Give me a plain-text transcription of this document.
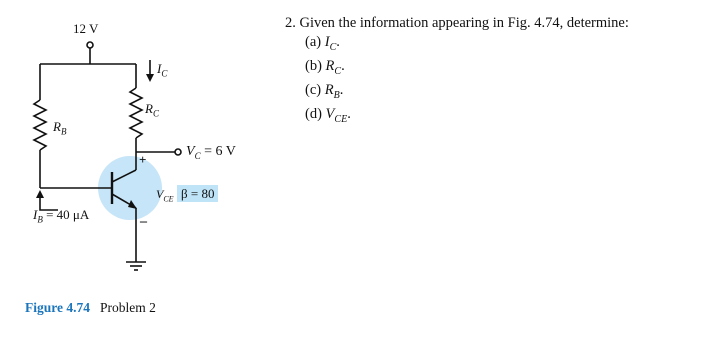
12 V
$I_C$
$R_C$
$R_B$
$V_C = 6$ V
+
–
$V_{CE}$ β = 80
$I_B = 40$ μA
2. Given the information appearing in Fig. 4.74, determine:
(a) $I_C$.
(b) $R_C$.
(c) $R_B$.
(d) $V_{CE}$.
Figure 4.74 Problem 2
